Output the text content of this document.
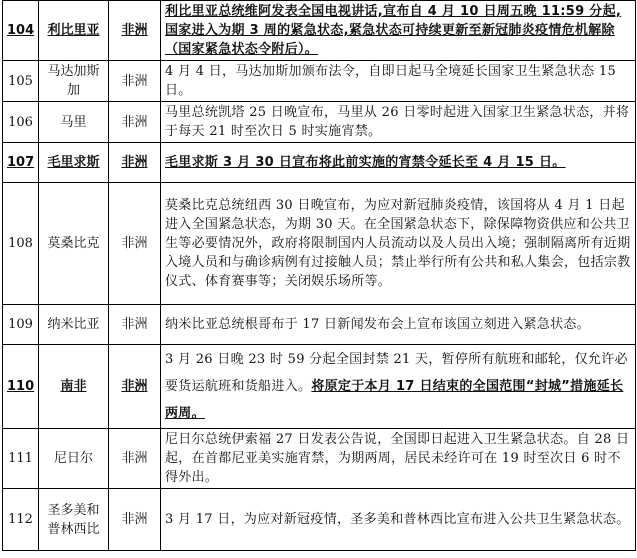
104	利比里亚	非洲	利比里亚总统维阿发表全国电视讲话,宣布自 4 月 10 日周五晚 11:59 分起,国家进入为期 3 周的紧急状态,紧急状态可持续更新至新冠肺炎疫情危机解除（国家紧急状态令附后）。
105	马达加斯加	非洲	4 月 4 日，马达加斯加颁布法令，自即日起马全境延长国家卫生紧急状态 15 日。
106	马里	非洲	马里总统凯塔 25 日晚宣布，马里从 26 日零时起进入国家卫生紧急状态，并将于每天 21 时至次日 5 时实施宵禁。
107	毛里求斯	非洲	毛里求斯 3 月 30 日宣布将此前实施的宵禁令延长至 4 月 15 日。
108	莫桑比克	非洲	莫桑比克总统纽西 30 日晚宣布，为应对新冠肺炎疫情，该国将从 4 月 1 日起进入全国紧急状态，为期 30 天。在全国紧急状态下，除保障物资供应和公共卫生等必要情况外，政府将限制国内人员流动以及人员出入境；强制隔离所有近期入境人员和与确诊病例有过接触人员；禁止举行所有公共和私人集会，包括宗教仪式、体育赛事等；关闭娱乐场所等。
109	纳米比亚	非洲	纳米比亚总统根哥布于 17 日新闻发布会上宣布该国立刻进入紧急状态。
110	南非	非洲	3 月 26 日晚 23 时 59 分起全国封禁 21 天，暂停所有航班和邮轮，仅允许必要货运航班和货船进入。将原定于本月 17 日结束的全国范围“封城”措施延长两周。
111	尼日尔	非洲	尼日尔总统伊索福 27 日发表公告说，全国即日起进入卫生紧急状态。自 28 日起，在首都尼亚美实施宵禁，为期两周，居民未经许可在 19 时至次日 6 时不得外出。
112	圣多美和普林西比	非洲	3 月 17 日，为应对新冠疫情，圣多美和普林西比宣布进入公共卫生紧急状态。
